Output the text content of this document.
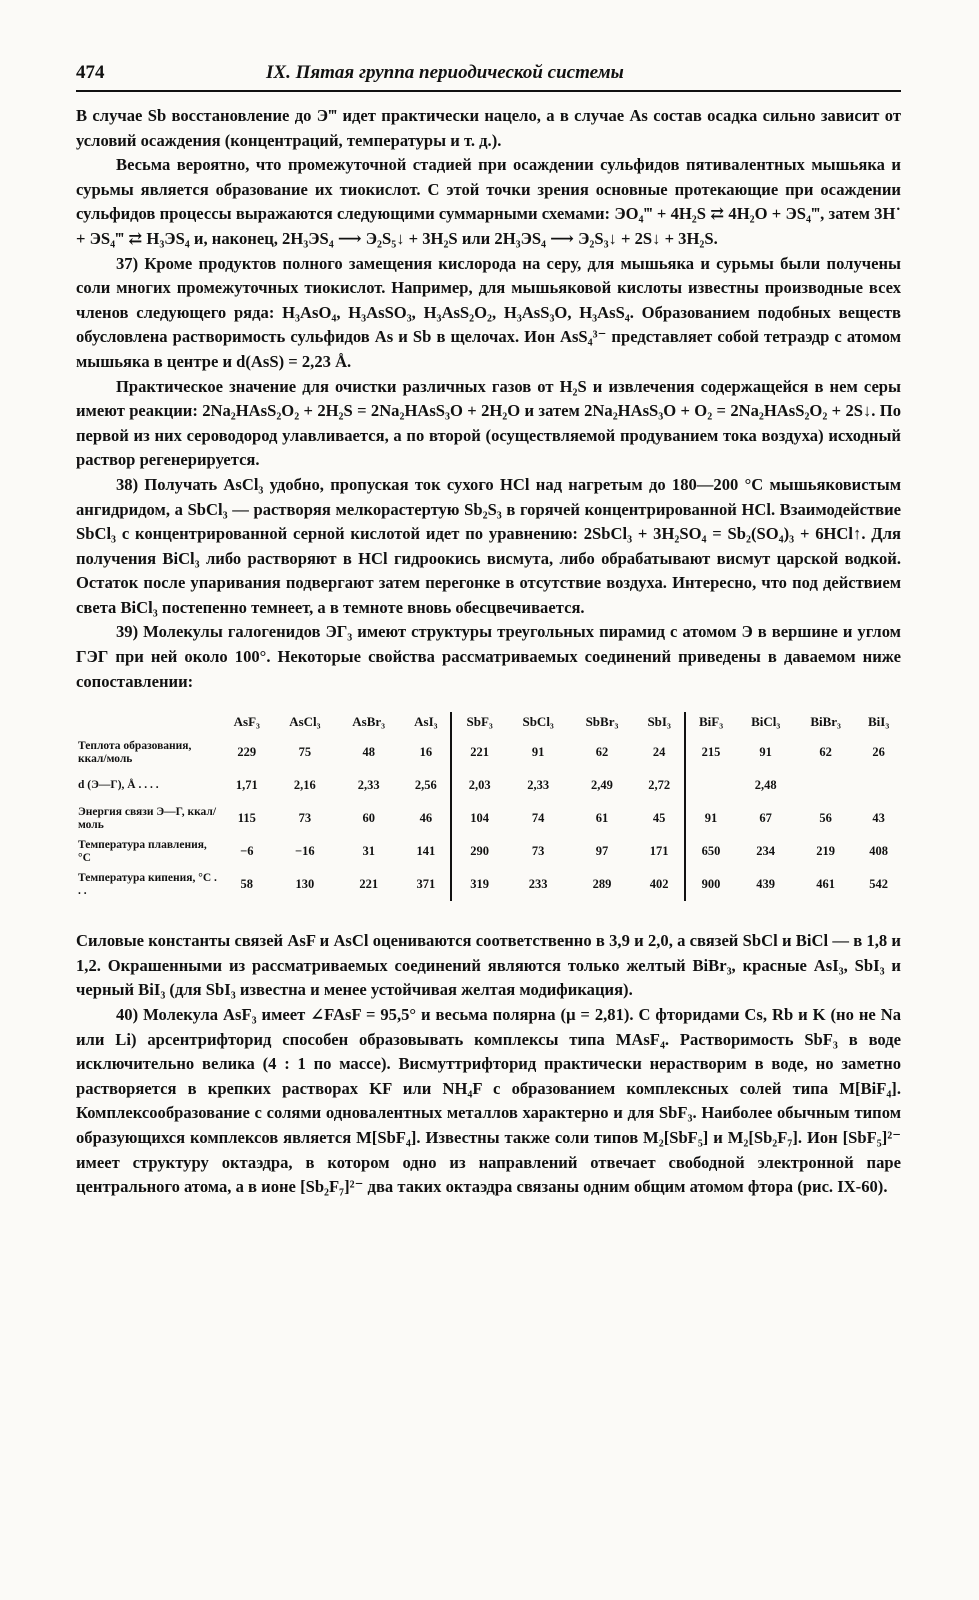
474	IX. Пятая группа периодической системы

В случае Sb восстановление до Э‴ идет практически нацело, а в случае As состав осадка сильно зависит от условий осаждения (концентраций, температуры и т. д.).

Весьма вероятно, что промежуточной стадией при осаждении сульфидов пятивалентных мышьяка и сурьмы является образование их тиокислот. С этой точки зрения основные протекающие при осаждении сульфидов процессы выражаются следующими суммарными схемами: ЭO₄‴ + 4H₂S ⇄ 4H₂O + ЭS₄‴, затем 3H˙ + ЭS₄‴ ⇄ H₃ЭS₄ и, наконец, 2H₃ЭS₄ ⟶ Э₂S₅↓ + 3H₂S или 2H₃ЭS₄ ⟶ Э₂S₃↓ + 2S↓ + 3H₂S.

37) Кроме продуктов полного замещения кислорода на серу, для мышьяка и сурьмы были получены соли многих промежуточных тиокислот. Например, для мышьяковой кислоты известны производные всех членов следующего ряда: H₃AsO₄, H₃AsSO₃, H₃AsS₂O₂, H₃AsS₃O, H₃AsS₄. Образованием подобных веществ обусловлена растворимость сульфидов As и Sb в щелочах. Ион AsS₄³⁻ представляет собой тетраэдр с атомом мышьяка в центре и d(AsS) = 2,23 Å.

Практическое значение для очистки различных газов от H₂S и извлечения содержащейся в нем серы имеют реакции: 2Na₂HAsS₂O₂ + 2H₂S = 2Na₂HAsS₃O + 2H₂O и затем 2Na₂HAsS₃O + O₂ = 2Na₂HAsS₂O₂ + 2S↓. По первой из них сероводород улавливается, а по второй (осуществляемой продуванием тока воздуха) исходный раствор регенерируется.

38) Получать AsCl₃ удобно, пропуская ток сухого HCl над нагретым до 180—200 °С мышьяковистым ангидридом, а SbCl₃ — растворяя мелкорастертую Sb₂S₃ в горячей концентрированной HCl. Взаимодействие SbCl₃ с концентрированной серной кислотой идет по уравнению: 2SbCl₃ + 3H₂SO₄ = Sb₂(SO₄)₃ + 6HCl↑. Для получения BiCl₃ либо растворяют в HCl гидроокись висмута, либо обрабатывают висмут царской водкой. Остаток после упаривания подвергают затем перегонке в отсутствие воздуха. Интересно, что под действием света BiCl₃ постепенно темнеет, а в темноте вновь обесцвечивается.

39) Молекулы галогенидов ЭГ₃ имеют структуры треугольных пирамид с атомом Э в вершине и углом ГЭГ при ней около 100°. Некоторые свойства рассматриваемых соединений приведены в даваемом ниже сопоставлении:

	AsF₃	AsCl₃	AsBr₃	AsI₃	SbF₃	SbCl₃	SbBr₃	SbI₃	BiF₃	BiCl₃	BiBr₃	BiI₃
Теплота образования, ккал/моль	229	75	48	16	221	91	62	24	215	91	62	26
d (Э—Г), Å . . . .	1,71	2,16	2,33	2,56	2,03	2,33	2,49	2,72		2,48		
Энергия связи Э—Г, ккал/моль	115	73	60	46	104	74	61	45	91	67	56	43
Температура плавления, °С	−6	−16	31	141	290	73	97	171	650	234	219	408
Температура кипения, °С . . .	58	130	221	371	319	233	289	402	900	439	461	542

Силовые константы связей AsF и AsCl оцениваются соответственно в 3,9 и 2,0, а связей SbCl и BiCl — в 1,8 и 1,2. Окрашенными из рассматриваемых соединений являются только желтый BiBr₃, красные AsI₃, SbI₃ и черный BiI₃ (для SbI₃ известна и менее устойчивая желтая модификация).

40) Молекула AsF₃ имеет ∠FAsF = 95,5° и весьма полярна (μ = 2,81). С фторидами Cs, Rb и K (но не Na или Li) арсентрифторид способен образовывать комплексы типа MAsF₄. Растворимость SbF₃ в воде исключительно велика (4 : 1 по массе). Висмуттрифторид практически нерастворим в воде, но заметно растворяется в крепких растворах KF или NH₄F с образованием комплексных солей типа M[BiF₄]. Комплексообразование с солями одновалентных металлов характерно и для SbF₃. Наиболее обычным типом образующихся комплексов является M[SbF₄]. Известны также соли типов M₂[SbF₅] и M₂[Sb₂F₇]. Ион [SbF₅]²⁻ имеет структуру октаэдра, в котором одно из направлений отвечает свободной электронной паре центрального атома, а в ионе [Sb₂F₇]²⁻ два таких октаэдра связаны одним общим атомом фтора (рис. IX-60).
